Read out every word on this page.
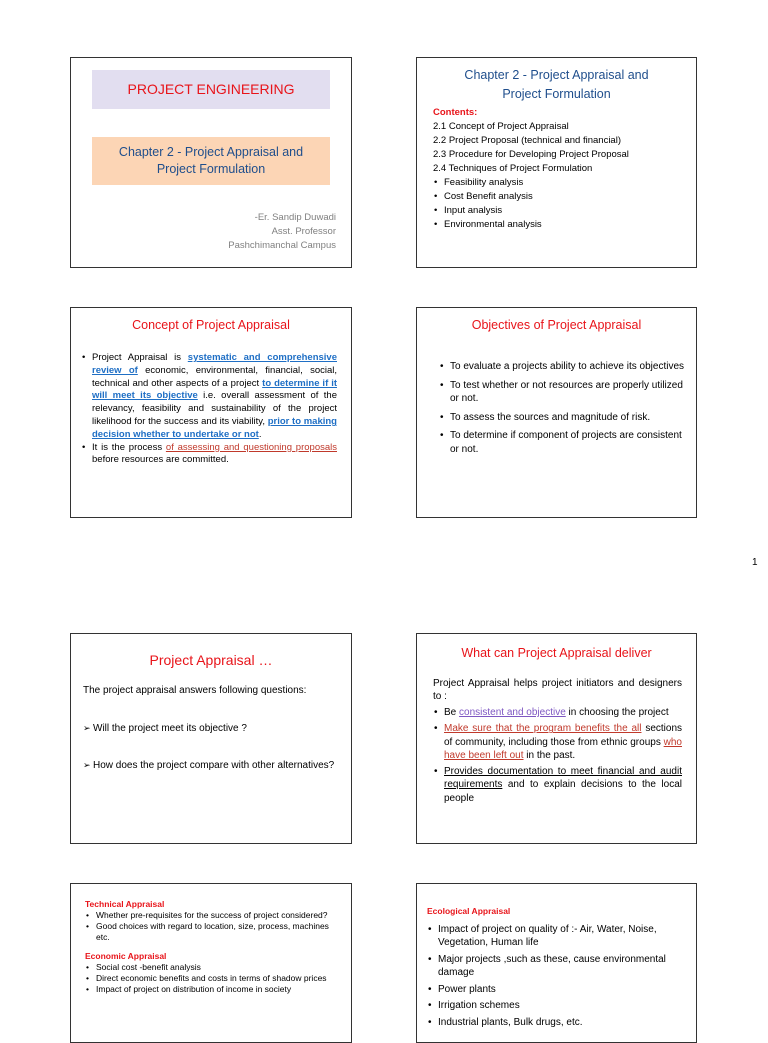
PROJECT ENGINEERING
Chapter 2 - Project Appraisal and Project Formulation
-Er. Sandip Duwadi
Asst. Professor
Pashchimanchal Campus
Chapter 2 - Project Appraisal and Project Formulation
Contents:
2.1 Concept of Project Appraisal
2.2 Project Proposal (technical and financial)
2.3 Procedure for Developing Project Proposal
2.4 Techniques of Project Formulation
• Feasibility analysis
• Cost Benefit analysis
• Input analysis
• Environmental analysis
Concept of Project Appraisal
• Project Appraisal is systematic and comprehensive review of economic, environmental, financial, social, technical and other aspects of a project to determine if it will meet its objective i.e. overall assessment of the relevancy, feasibility and sustainability of the project likelihood for the success and its viability, prior to making decision whether to undertake or not.
• It is the process of assessing and questioning proposals before resources are committed.
Objectives of Project Appraisal
• To evaluate a projects ability to achieve its objectives
• To test whether or not resources are properly utilized or not.
• To assess the sources and magnitude of risk.
• To determine if component of projects are consistent or not.
1
Project Appraisal …
The project appraisal answers following questions:
➢ Will the project meet its objective ?
➢ How does the project compare with other alternatives?
What can Project Appraisal deliver
Project Appraisal helps project initiators and designers to :
• Be consistent and objective in choosing the project
• Make sure that the program benefits the all sections of community, including those from ethnic groups who have been left out in the past.
• Provides documentation to meet financial and audit requirements and to explain decisions to the local people
Technical Appraisal
• Whether pre-requisites for the success of project considered?
• Good choices with regard to location, size, process, machines etc.
Economic Appraisal
• Social cost -benefit analysis
• Direct economic benefits and costs in terms of shadow prices
• Impact of project on distribution of income in society
Ecological Appraisal
• Impact of project on quality of :- Air, Water, Noise, Vegetation, Human life
• Major projects ,such as these, cause environmental damage
• Power plants
• Irrigation schemes
• Industrial plants, Bulk drugs, etc.
